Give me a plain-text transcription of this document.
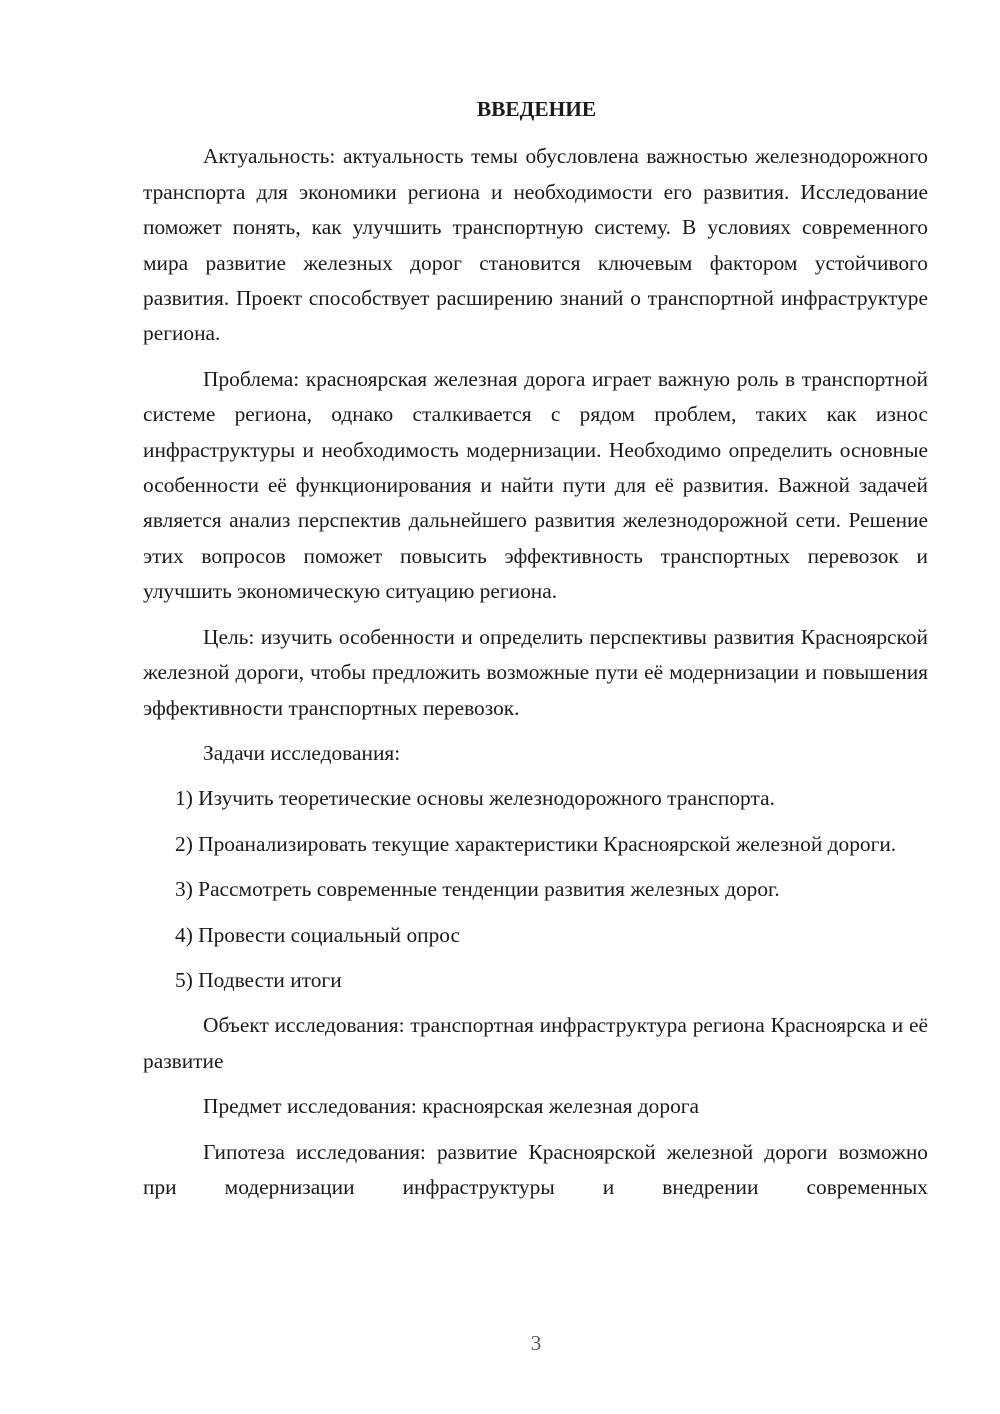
ВВЕДЕНИЕ

Актуальность: актуальность темы обусловлена важностью железнодорожного транспорта для экономики региона и необходимости его развития. Исследование поможет понять, как улучшить транспортную систему. В условиях современного мира развитие железных дорог становится ключевым фактором устойчивого развития. Проект способствует расширению знаний о транспортной инфраструктуре региона.

Проблема: красноярская железная дорога играет важную роль в транспортной системе региона, однако сталкивается с рядом проблем, таких как износ инфраструктуры и необходимость модернизации. Необходимо определить основные особенности её функционирования и найти пути для её развития. Важной задачей является анализ перспектив дальнейшего развития железнодорожной сети. Решение этих вопросов поможет повысить эффективность транспортных перевозок и улучшить экономическую ситуацию региона.

Цель: изучить особенности и определить перспективы развития Красноярской железной дороги, чтобы предложить возможные пути её модернизации и повышения эффективности транспортных перевозок.

Задачи исследования:

1) Изучить теоретические основы железнодорожного транспорта.

2) Проанализировать текущие характеристики Красноярской железной дороги.

3) Рассмотреть современные тенденции развития железных дорог.

4) Провести социальный опрос

5) Подвести итоги

Объект исследования: транспортная инфраструктура региона Красноярска и её развитие

Предмет исследования: красноярская железная дорога

Гипотеза исследования: развитие Красноярской железной дороги возможно при модернизации инфраструктуры и внедрении современных

3
